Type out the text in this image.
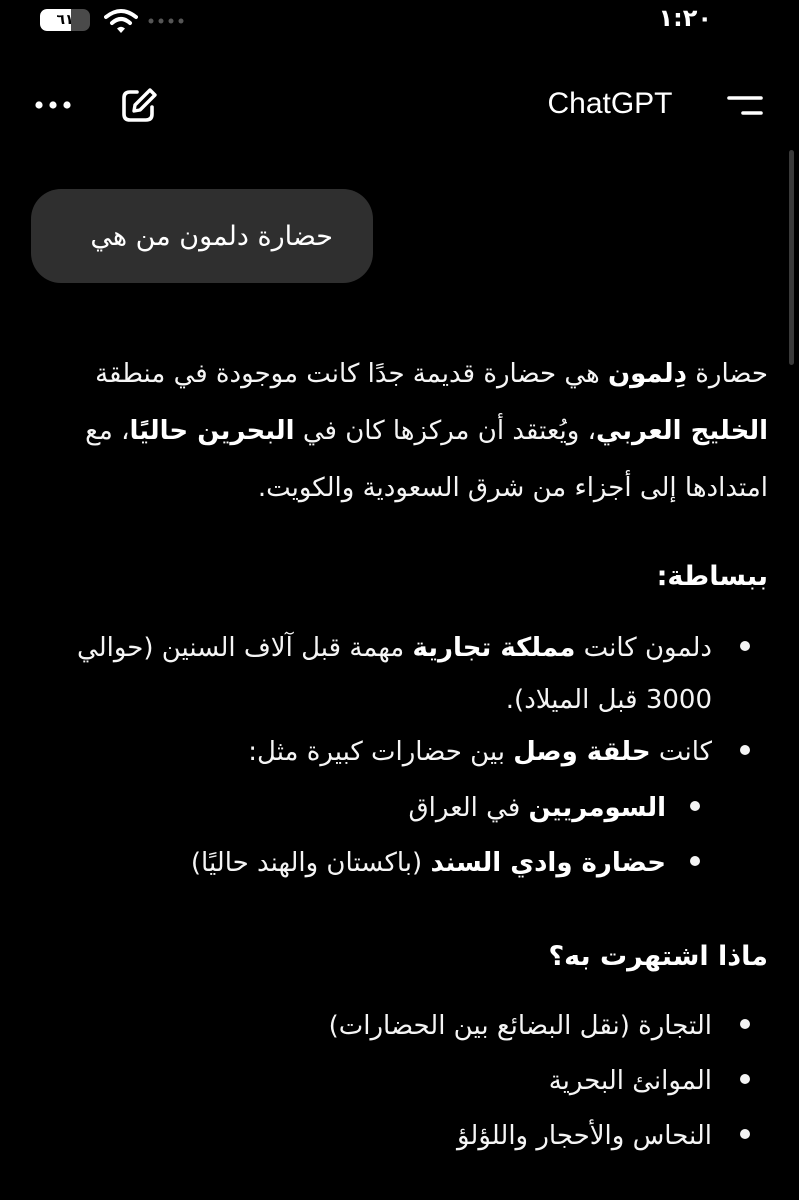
٦١	١:٢٠
ChatGPT
حضارة دلمون من هي
حضارة دِلمون هي حضارة قديمة جدًا كانت موجودة في منطقة الخليج العربي، ويُعتقد أن مركزها كان في البحرين حاليًا، مع امتدادها إلى أجزاء من شرق السعودية والكويت.
ببساطة:
دلمون كانت مملكة تجارية مهمة قبل آلاف السنين (حوالي 3000 قبل الميلاد).
كانت حلقة وصل بين حضارات كبيرة مثل:
السومريين في العراق
حضارة وادي السند (باكستان والهند حاليًا)
ماذا اشتهرت به؟
التجارة (نقل البضائع بين الحضارات)
الموانئ البحرية
النحاس والأحجار واللؤلؤ
